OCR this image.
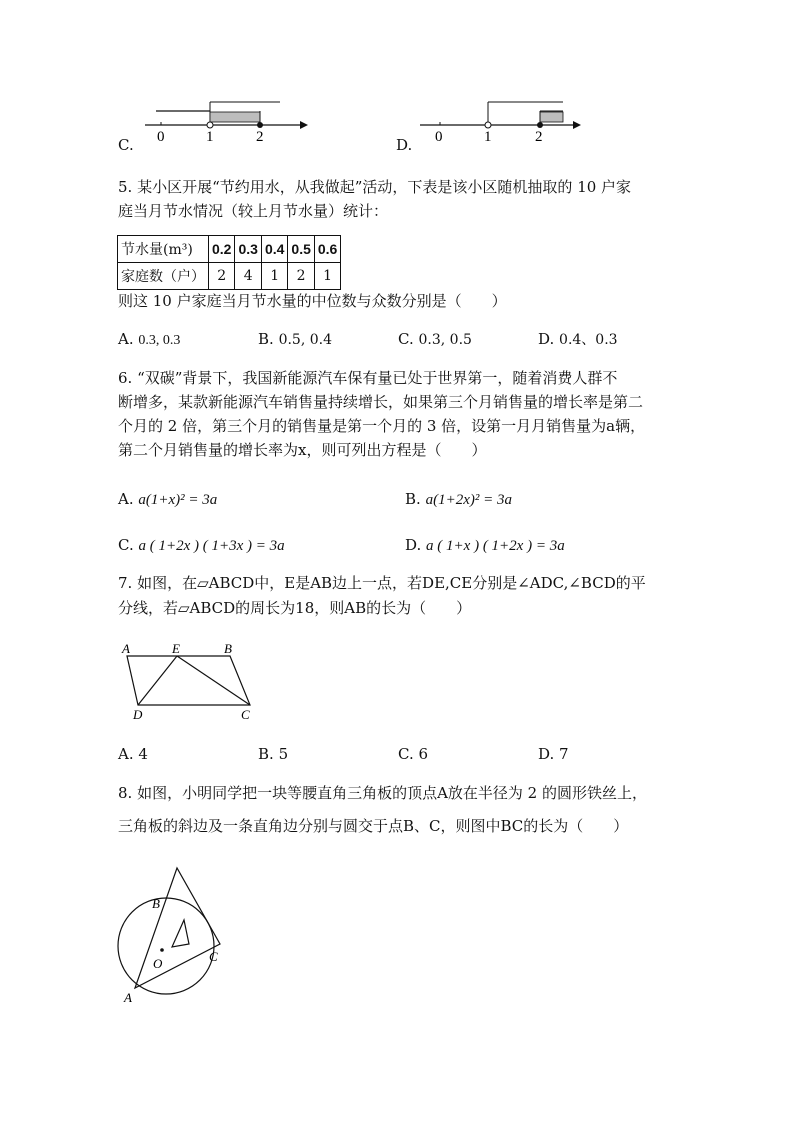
C. 0	1	2	D. 0	1	2
5. 某小区开展“节约用水，从我做起”活动，下表是该小区随机抽取的 10 户家
庭当月节水情况（较上月节水量）统计：
节水量(m³)	0.2	0.3	0.4	0.5	0.6
家庭数（户）	2	4	1	2	1
则这 10 户家庭当月节水量的中位数与众数分别是（　　）
A. 0.3, 0.3	B. 0.5, 0.4	C. 0.3, 0.5	D. 0.4、0.3
6. “双碳”背景下，我国新能源汽车保有量已处于世界第一，随着消费人群不
断增多，某款新能源汽车销售量持续增长，如果第三个月销售量的增长率是第二
个月的 2 倍，第三个月的销售量是第一个月的 3 倍，设第一月月销售量为a辆，
第二个月销售量的增长率为x，则可列出方程是（　　）
A. a(1+x)² = 3a	B. a(1+2x)² = 3a
C. a ( 1+2x ) ( 1+3x ) = 3a	D. a ( 1+x ) ( 1+2x ) = 3a
7. 如图，在▱ABCD中，E是AB边上一点，若DE,CE分别是∠ADC,∠BCD的平
分线，若▱ABCD的周长为18，则AB的长为（　　）
A	E	B
D	C
A. 4	B. 5	C. 6	D. 7
8. 如图，小明同学把一块等腰直角三角板的顶点A放在半径为 2 的圆形铁丝上，
三角板的斜边及一条直角边分别与圆交于点B、C，则图中BC的长为（　　）
B
O	C
A
